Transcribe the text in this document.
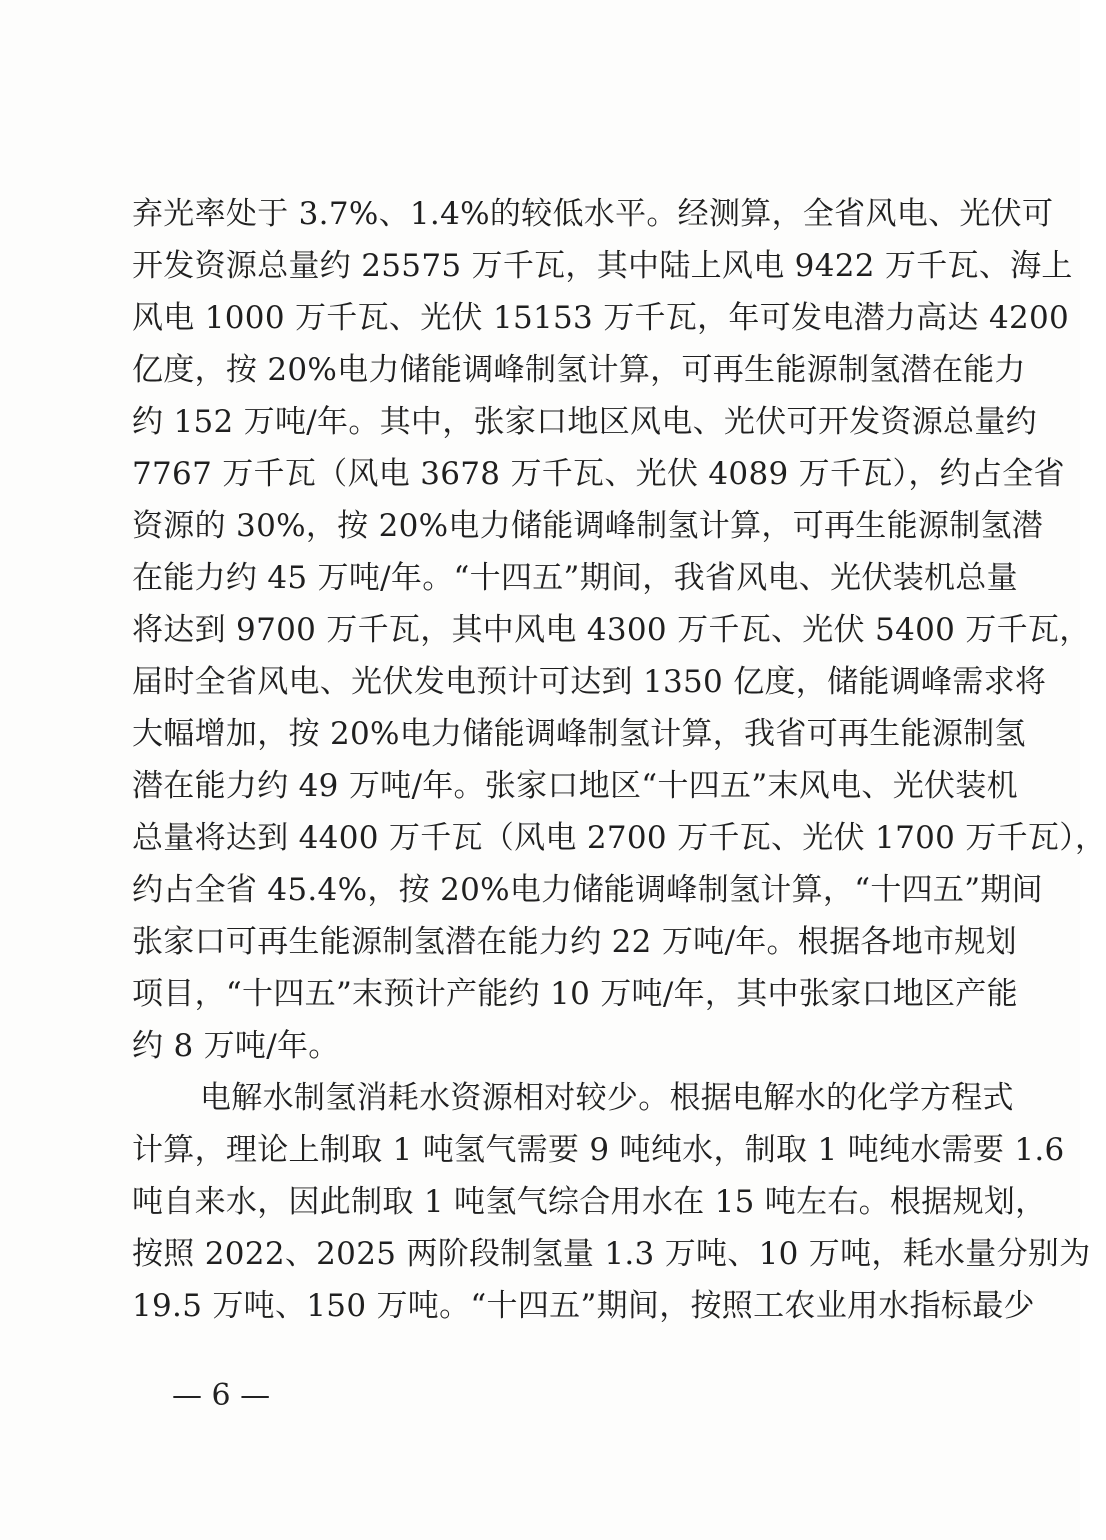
弃光率处于 3.7%、1.4%的较低水平。经测算，全省风电、光伏可
开发资源总量约 25575 万千瓦，其中陆上风电 9422 万千瓦、海上
风电 1000 万千瓦、光伏 15153 万千瓦，年可发电潜力高达 4200
亿度，按 20%电力储能调峰制氢计算，可再生能源制氢潜在能力
约 152 万吨/年。其中，张家口地区风电、光伏可开发资源总量约
7767 万千瓦（风电 3678 万千瓦、光伏 4089 万千瓦），约占全省
资源的 30%，按 20%电力储能调峰制氢计算，可再生能源制氢潜
在能力约 45 万吨/年。“十四五”期间，我省风电、光伏装机总量
将达到 9700 万千瓦，其中风电 4300 万千瓦、光伏 5400 万千瓦，
届时全省风电、光伏发电预计可达到 1350 亿度，储能调峰需求将
大幅增加，按 20%电力储能调峰制氢计算，我省可再生能源制氢
潜在能力约 49 万吨/年。张家口地区“十四五”末风电、光伏装机
总量将达到 4400 万千瓦（风电 2700 万千瓦、光伏 1700 万千瓦），
约占全省 45.4%，按 20%电力储能调峰制氢计算，“十四五”期间
张家口可再生能源制氢潜在能力约 22 万吨/年。根据各地市规划
项目，“十四五”末预计产能约 10 万吨/年，其中张家口地区产能
约 8 万吨/年。
电解水制氢消耗水资源相对较少。根据电解水的化学方程式
计算，理论上制取 1 吨氢气需要 9 吨纯水，制取 1 吨纯水需要 1.6
吨自来水，因此制取 1 吨氢气综合用水在 15 吨左右。根据规划，
按照 2022、2025 两阶段制氢量 1.3 万吨、10 万吨，耗水量分别为
19.5 万吨、150 万吨。“十四五”期间，按照工农业用水指标最少
— 6 —
